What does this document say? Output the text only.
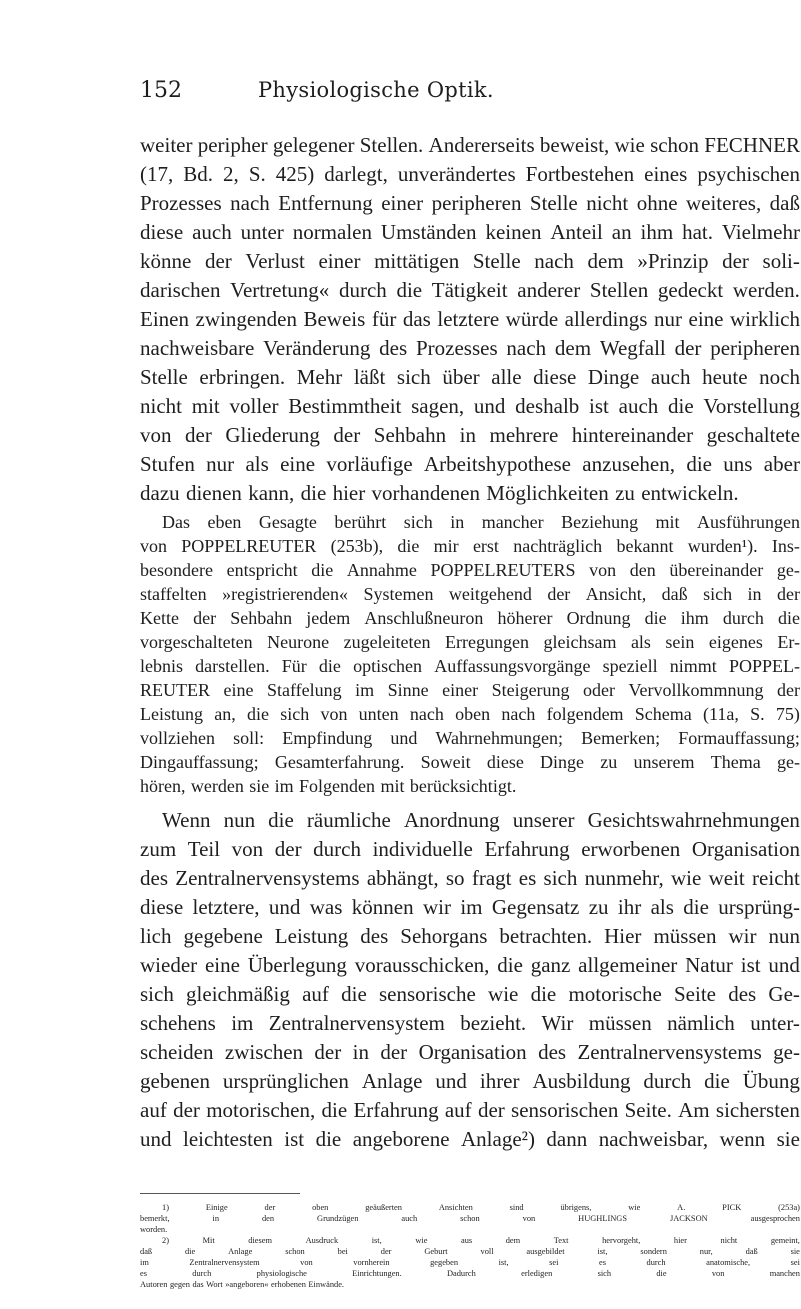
152	Physiologische Optik.
weiter peripher gelegener Stellen. Andererseits beweist, wie schon FECHNER
(17, Bd. 2, S. 425) darlegt, unverändertes Fortbestehen eines psychischen
Prozesses nach Entfernung einer peripheren Stelle nicht ohne weiteres, daß
diese auch unter normalen Umständen keinen Anteil an ihm hat. Vielmehr
könne der Verlust einer mittätigen Stelle nach dem »Prinzip der soli-
darischen Vertretung« durch die Tätigkeit anderer Stellen gedeckt werden.
Einen zwingenden Beweis für das letztere würde allerdings nur eine wirklich
nachweisbare Veränderung des Prozesses nach dem Wegfall der peripheren
Stelle erbringen. Mehr läßt sich über alle diese Dinge auch heute noch
nicht mit voller Bestimmtheit sagen, und deshalb ist auch die Vorstellung
von der Gliederung der Sehbahn in mehrere hintereinander geschaltete
Stufen nur als eine vorläufige Arbeitshypothese anzusehen, die uns aber
dazu dienen kann, die hier vorhandenen Möglichkeiten zu entwickeln.
Das eben Gesagte berührt sich in mancher Beziehung mit Ausführungen
von POPPELREUTER (253b), die mir erst nachträglich bekannt wurden¹). Ins-
besondere entspricht die Annahme POPPELREUTERS von den übereinander ge-
staffelten »registrierenden« Systemen weitgehend der Ansicht, daß sich in der
Kette der Sehbahn jedem Anschlußneuron höherer Ordnung die ihm durch die
vorgeschalteten Neurone zugeleiteten Erregungen gleichsam als sein eigenes Er-
lebnis darstellen. Für die optischen Auffassungsvorgänge speziell nimmt POPPEL-
REUTER eine Staffelung im Sinne einer Steigerung oder Vervollkommnung der
Leistung an, die sich von unten nach oben nach folgendem Schema (11a, S. 75)
vollziehen soll: Empfindung und Wahrnehmungen; Bemerken; Formauffassung;
Dingauffassung; Gesamterfahrung. Soweit diese Dinge zu unserem Thema ge-
hören, werden sie im Folgenden mit berücksichtigt.
Wenn nun die räumliche Anordnung unserer Gesichtswahrnehmungen
zum Teil von der durch individuelle Erfahrung erworbenen Organisation
des Zentralnervensystems abhängt, so fragt es sich nunmehr, wie weit reicht
diese letztere, und was können wir im Gegensatz zu ihr als die ursprüng-
lich gegebene Leistung des Sehorgans betrachten. Hier müssen wir nun
wieder eine Überlegung vorausschicken, die ganz allgemeiner Natur ist und
sich gleichmäßig auf die sensorische wie die motorische Seite des Ge-
schehens im Zentralnervensystem bezieht. Wir müssen nämlich unter-
scheiden zwischen der in der Organisation des Zentralnervensystems ge-
gebenen ursprünglichen Anlage und ihrer Ausbildung durch die Übung
auf der motorischen, die Erfahrung auf der sensorischen Seite. Am sichersten
und leichtesten ist die angeborene Anlage²) dann nachweisbar, wenn sie
1)	Einige	der	oben	geäußerten	Ansichten	sind	übrigens,	wie	A.	PICK	(253a)
bemerkt,	in	den	Grundzügen	auch	schon	von	HUGHLINGS	JACKSON	ausgesprochen
worden.
2)	Mit	diesem	Ausdruck	ist,	wie	aus	dem	Text	hervorgeht,	hier	nicht	gemeint,
daß	die	Anlage	schon	bei	der	Geburt	voll	ausgebildet	ist,	sondern	nur,	daß	sie
im	Zentralnervensystem	von	vornherein	gegeben	ist,	sei	es	durch	anatomische,	sei
es	durch	physiologische	Einrichtungen.	Dadurch	erledigen	sich	die	von	manchen
Autoren gegen das Wort »angeboren« erhobenen Einwände.
